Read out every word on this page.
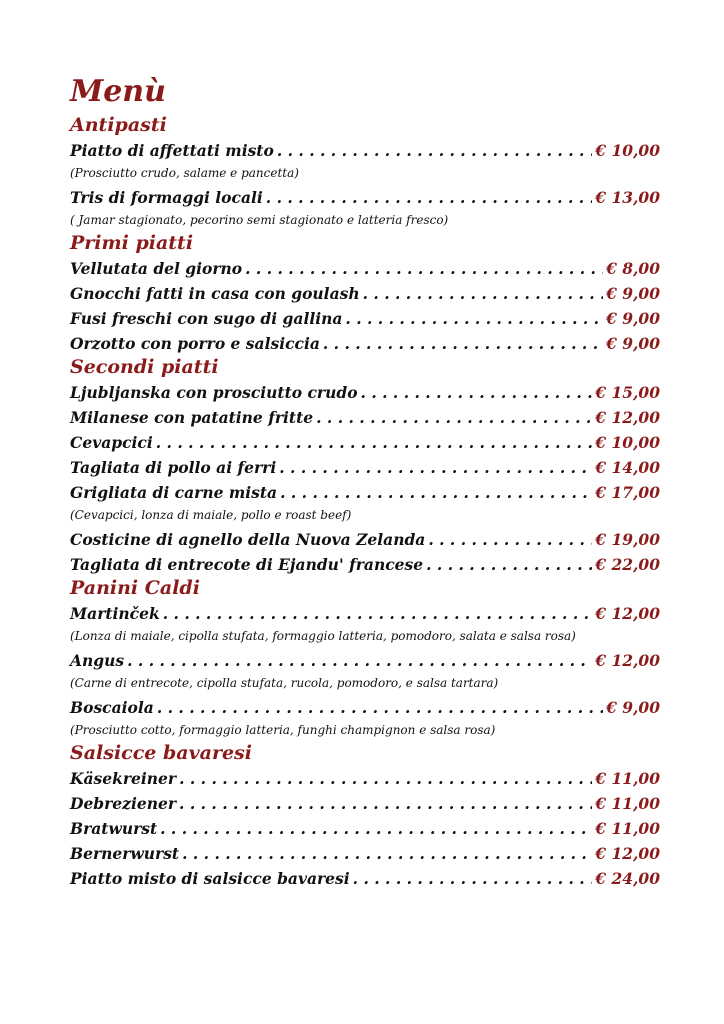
Menù
Antipasti
Piatto di affettati misto . . .	€ 10,00
(Prosciutto crudo, salame e pancetta)
Tris di formaggi locali . . .	€ 13,00
( Jamar stagionato, pecorino semi stagionato e latteria fresco)
Primi piatti
Vellutata del giorno . . .	€ 8,00
Gnocchi fatti in casa con goulash . . .	€ 9,00
Fusi freschi con sugo di gallina . . .	€ 9,00
Orzotto con porro e salsiccia . . .	€ 9,00
Secondi piatti
Ljubljanska con prosciutto crudo . . .	€ 15,00
Milanese con patatine fritte . . .	€ 12,00
Cevapcici . . .	€ 10,00
Tagliata di pollo ai ferri . . .	€ 14,00
Grigliata di carne mista . . .	€ 17,00
(Cevapcici, lonza di maiale, pollo e roast beef)
Costicine di agnello della Nuova Zelanda . . .	€ 19,00
Tagliata di entrecote di Ejandu' francese . . .	€ 22,00
Panini Caldi
Martinček . . .	€ 12,00
(Lonza di maiale, cipolla stufata, formaggio latteria, pomodoro, salata e salsa rosa)
Angus . . .	€ 12,00
(Carne di entrecote, cipolla stufata, rucola, pomodoro, e salsa tartara)
Boscaiola . . .	€ 9,00
(Prosciutto cotto, formaggio latteria, funghi champignon e salsa rosa)
Salsicce bavaresi
Käsekreiner . . .	€ 11,00
Debreziener . . .	€ 11,00
Bratwurst . . .	€ 11,00
Bernerwurst . . .	€ 12,00
Piatto misto di salsicce bavaresi . . .	€ 24,00
